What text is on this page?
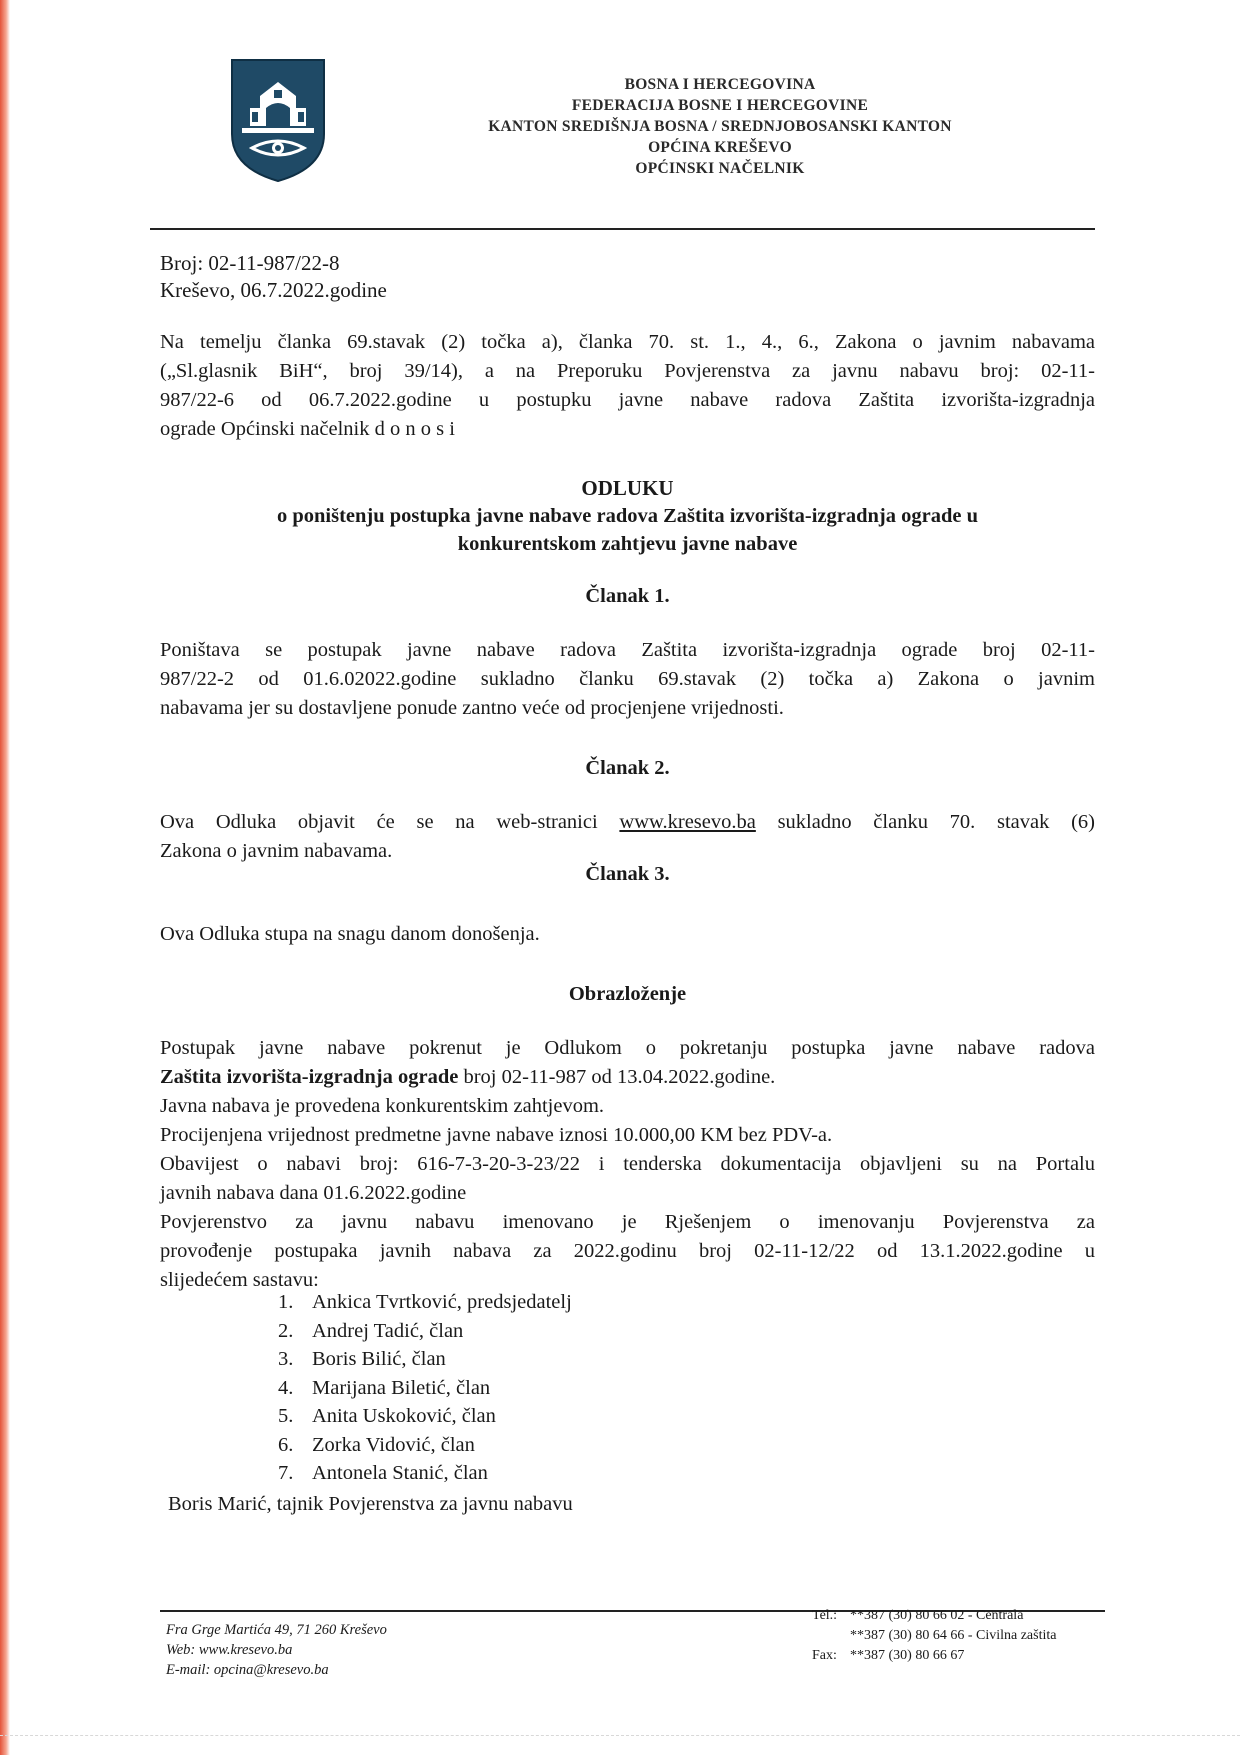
BOSNA I HERCEGOVINA
FEDERACIJA BOSNE I HERCEGOVINE
KANTON SREDIŠNJA BOSNA / SREDNJOBOSANSKI KANTON
OPĆINA KREŠEVO
OPĆINSKI NAČELNIK
Broj: 02-11-987/22-8
Kreševo, 06.7.2022.godine
Na temelju članka 69.stavak (2) točka a), članka 70. st. 1., 4., 6., Zakona o javnim nabavama
(„Sl.glasnik BiH“, broj 39/14), a na Preporuku Povjerenstva za javnu nabavu broj: 02-11-
987/22-6 od 06.7.2022.godine u postupku javne nabave radova Zaštita izvorišta-izgradnja
ograde Općinski načelnik d o n o s i
ODLUKU
o poništenju postupka javne nabave radova Zaštita izvorišta-izgradnja ograde u
konkurentskom zahtjevu javne nabave
Članak 1.
Poništava se postupak javne nabave radova Zaštita izvorišta-izgradnja ograde broj 02-11-
987/22-2 od 01.6.02022.godine sukladno članku 69.stavak (2) točka a) Zakona o javnim
nabavama jer su dostavljene ponude zantno veće od procjenjene vrijednosti.
Članak 2.
Ova Odluka objavit će se na web-stranici www.kresevo.ba sukladno članku 70. stavak (6)
Zakona o javnim nabavama.
Članak 3.
Ova Odluka stupa na snagu danom donošenja.
Obrazloženje
Postupak javne nabave pokrenut je Odlukom o pokretanju postupka javne nabave radova
Zaštita izvorišta-izgradnja ograde broj 02-11-987 od 13.04.2022.godine.
Javna nabava je provedena konkurentskim zahtjevom.
Procijenjena vrijednost predmetne javne nabave iznosi 10.000,00 KM bez PDV-a.
Obavijest o nabavi broj: 616-7-3-20-3-23/22 i tenderska dokumentacija objavljeni su na Portalu
javnih nabava dana 01.6.2022.godine
Povjerenstvo za javnu nabavu imenovano je Rješenjem o imenovanju Povjerenstva za
provođenje postupaka javnih nabava za 2022.godinu broj 02-11-12/22 od 13.1.2022.godine u
slijedećem sastavu:
1. Ankica Tvrtković, predsjedatelj
2. Andrej Tadić, član
3. Boris Bilić, član
4. Marijana Biletić, član
5. Anita Uskoković, član
6. Zorka Vidović, član
7. Antonela Stanić, član
Boris Marić, tajnik Povjerenstva za javnu nabavu
Fra Grge Martića 49, 71 260 Kreševo
Web: www.kresevo.ba
E-mail: opcina@kresevo.ba
Tel.: **387 (30) 80 66 02 - Centrala
**387 (30) 80 64 66 - Civilna zaštita
Fax: **387 (30) 80 66 67
